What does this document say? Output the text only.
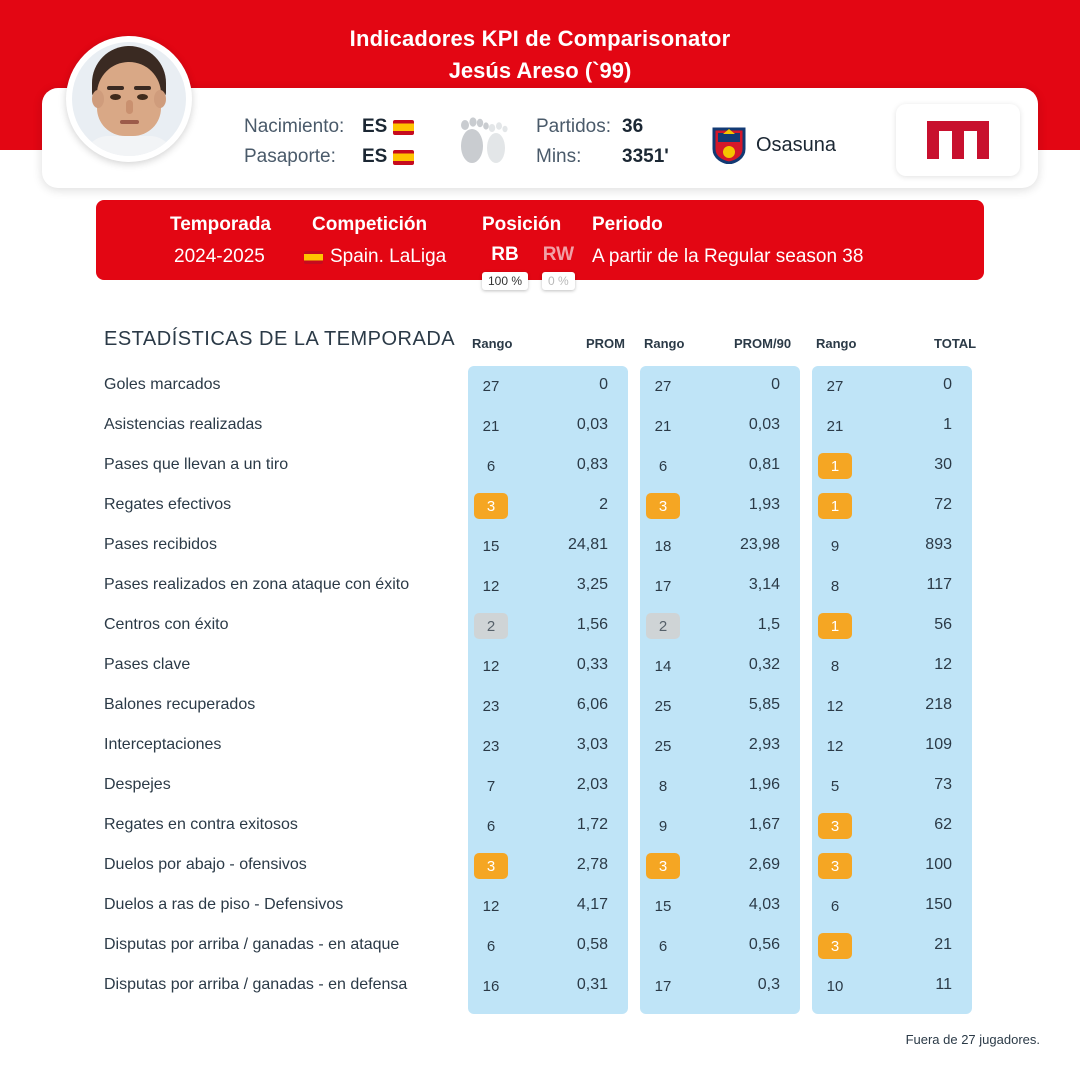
Indicadores KPI de Comparisonator
Jesús Areso (`99)
Nacimiento: ES
Pasaporte:	ES
Partidos: 36
Mins:	3351'
Osasuna
Temporada
2024-2025
Competición
Spain. LaLiga
Posición
RB
100 %
RW
0 %
Periodo
A partir de la Regular season 38
ESTADÍSTICAS DE LA TEMPORADA Rango	PROM Rango	PROM/90 Rango	TOTAL
Goles marcados	27	0	27	0	27	0
Asistencias realizadas	21	0,03	21	0,03	21	1
Pases que llevan a un tiro	6	0,83	6	0,81	1	30
Regates efectivos	3	2	3	1,93	1	72
Pases recibidos	15	24,81	18	23,98	9	893
Pases realizados en zona ataque con éxito	12	3,25	17	3,14	8	117
Centros con éxito	2	1,56	2	1,5	1	56
Pases clave	12	0,33	14	0,32	8	12
Balones recuperados	23	6,06	25	5,85	12	218
Interceptaciones	23	3,03	25	2,93	12	109
Despejes	7	2,03	8	1,96	5	73
Regates en contra exitosos	6	1,72	9	1,67	3	62
Duelos por abajo - ofensivos	3	2,78	3	2,69	3	100
Duelos a ras de piso - Defensivos	12	4,17	15	4,03	6	150
Disputas por arriba / ganadas - en ataque	6	0,58	6	0,56	3	21
Disputas por arriba / ganadas - en defensa	16	0,31	17	0,3	10	11
Fuera de 27 jugadores.
